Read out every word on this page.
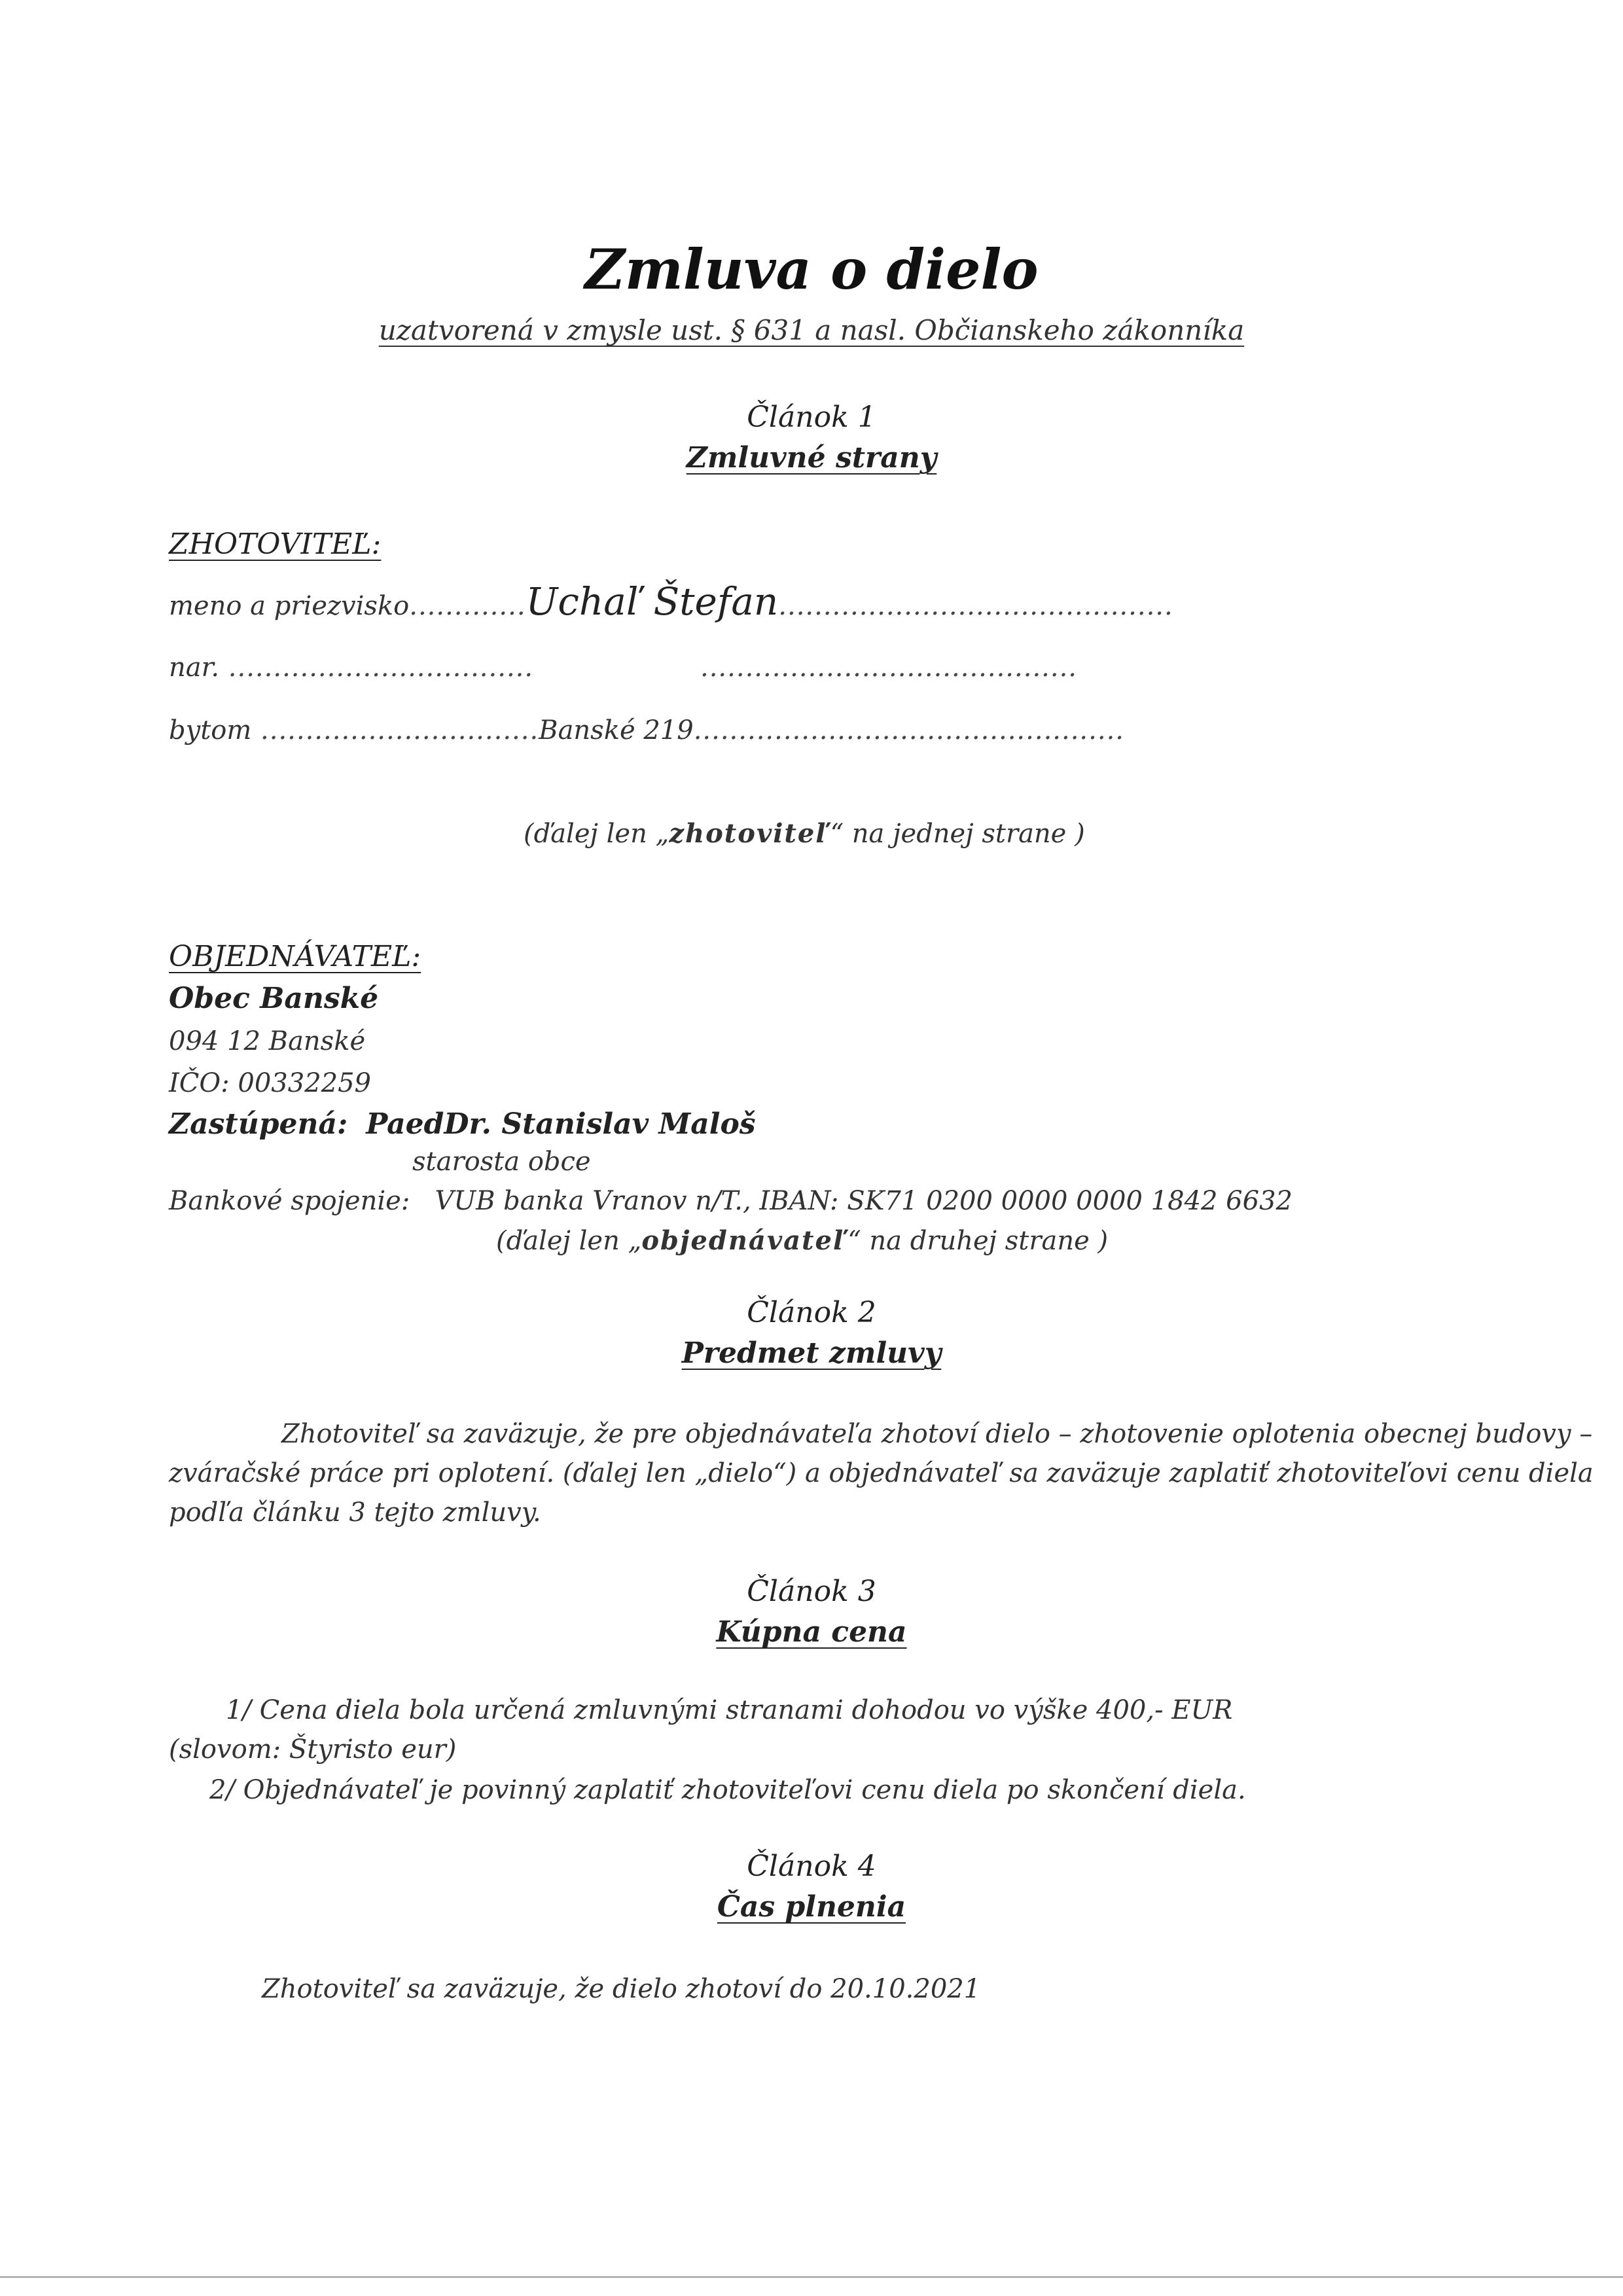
Zmluva o dielo
uzatvorená v zmysle ust. § 631 a nasl. Občianskeho zákonníka
Článok 1
Zmluvné strany
ZHOTOVITEĽ:
meno a priezvisko.............Uchaľ Štefan............................................
nar. ..................................	..........................................
bytom ...............................Banské 219................................................
(ďalej len „zhotoviteľ“ na jednej strane )
OBJEDNÁVATEĽ:
Obec Banské
094 12 Banské
IČO: 00332259
Zastúpená: PaedDr. Stanislav Maloš
starosta obce
Bankové spojenie: VUB banka Vranov n/T., IBAN: SK71 0200 0000 0000 1842 6632
(ďalej len „objednávateľ“ na druhej strane )
Článok 2
Predmet zmluvy
Zhotoviteľ sa zaväzuje, že pre objednávateľa zhotoví dielo – zhotovenie oplotenia obecnej budovy –
zváračské práce pri oplotení. (ďalej len „dielo“) a objednávateľ sa zaväzuje zaplatiť zhotoviteľovi cenu diela
podľa článku 3 tejto zmluvy.
Článok 3
Kúpna cena
1/ Cena diela bola určená zmluvnými stranami dohodou vo výške 400,- EUR
(slovom: Štyristo eur)
2/ Objednávateľ je povinný zaplatiť zhotoviteľovi cenu diela po skončení diela.
Článok 4
Čas plnenia
Zhotoviteľ sa zaväzuje, že dielo zhotoví do 20.10.2021
